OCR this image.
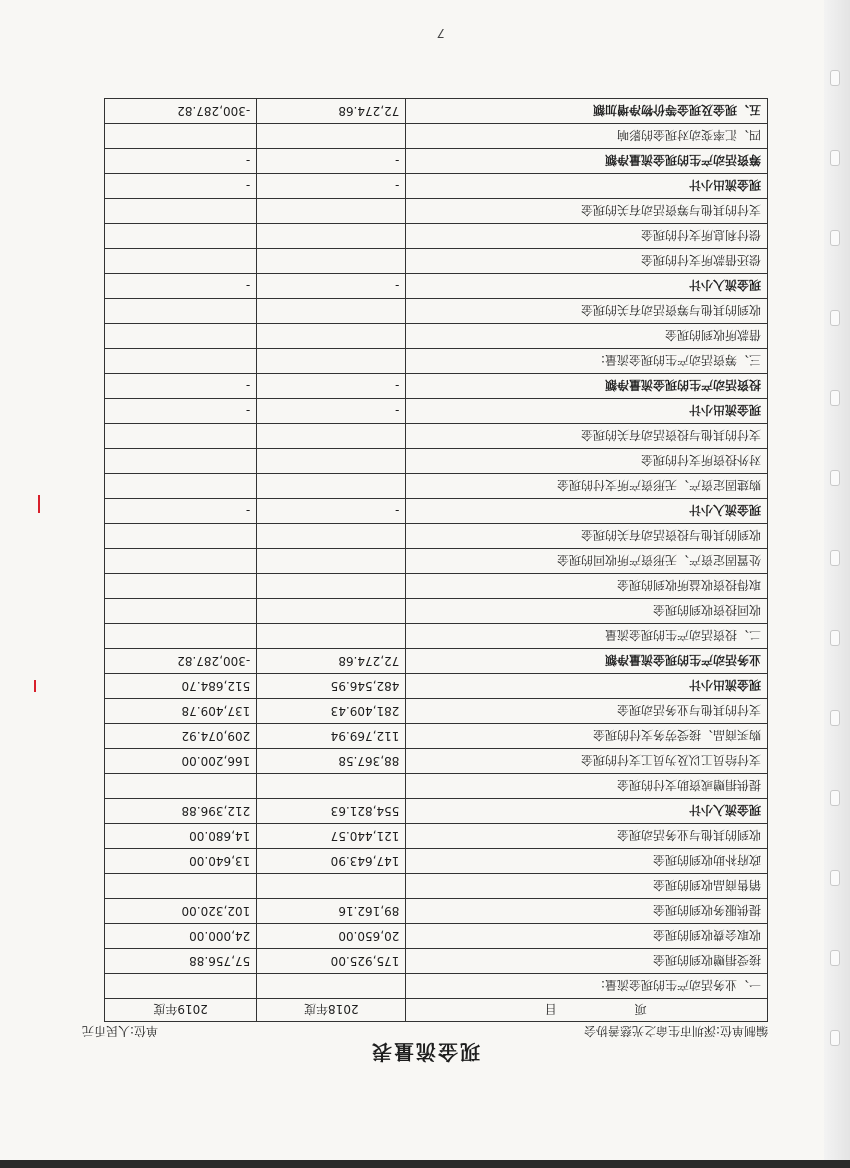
7
现金流量表
编制单位:深圳市生命之光慈善协会
单位:人民币元
项　　目	2018年度	2019年度
一、业务活动产生的现金流量:		
接受捐赠收到的现金	175,925.00	57,756.88
收取会费收到的现金	20,650.00	24,000.00
提供服务收到的现金	89,162.16	102,320.00
销售商品收到的现金		
政府补助收到的现金	147,643.90	13,640.00
收到的其他与业务活动现金	121,440.57	14,680.00
现金流入小计	554,821.63	212,396.88
提供捐赠或资助支付的现金		
支付给员工以及为员工支付的现金	88,367.58	166,200.00
购买商品、接受劳务支付的现金	112,769.94	209,074.92
支付的其他与业务活动现金	281,409.43	137,409.78
现金流出小计	482,546.95	512,684.70
业务活动产生的现金流量净额	72,274.68	-300,287.82
二、投资活动产生的现金流量		
收回投资收到的现金		
取得投资收益所收到的现金		
处置固定资产、无形资产所收回的现金		
收到的其他与投资活动有关的现金		
现金流入小计	-	-
购建固定资产、无形资产所支付的现金		
对外投资所支付的现金		
支付的其他与投资活动有关的现金		
现金流出小计	-	-
投资活动产生的现金流量净额	-	-
三、筹资活动产生的现金流量:		
借款所收到的现金		
收到的其他与筹资活动有关的现金		
现金流入小计	-	-
偿还借款所支付的现金		
偿付利息所支付的现金		
支付的其他与筹资活动有关的现金		
现金流出小计	-	-
筹资活动产生的现金流量净额	-	-
四、汇率变动对现金的影响		
五、现金及现金等价物净增加额	72,274.68	-300,287.82
